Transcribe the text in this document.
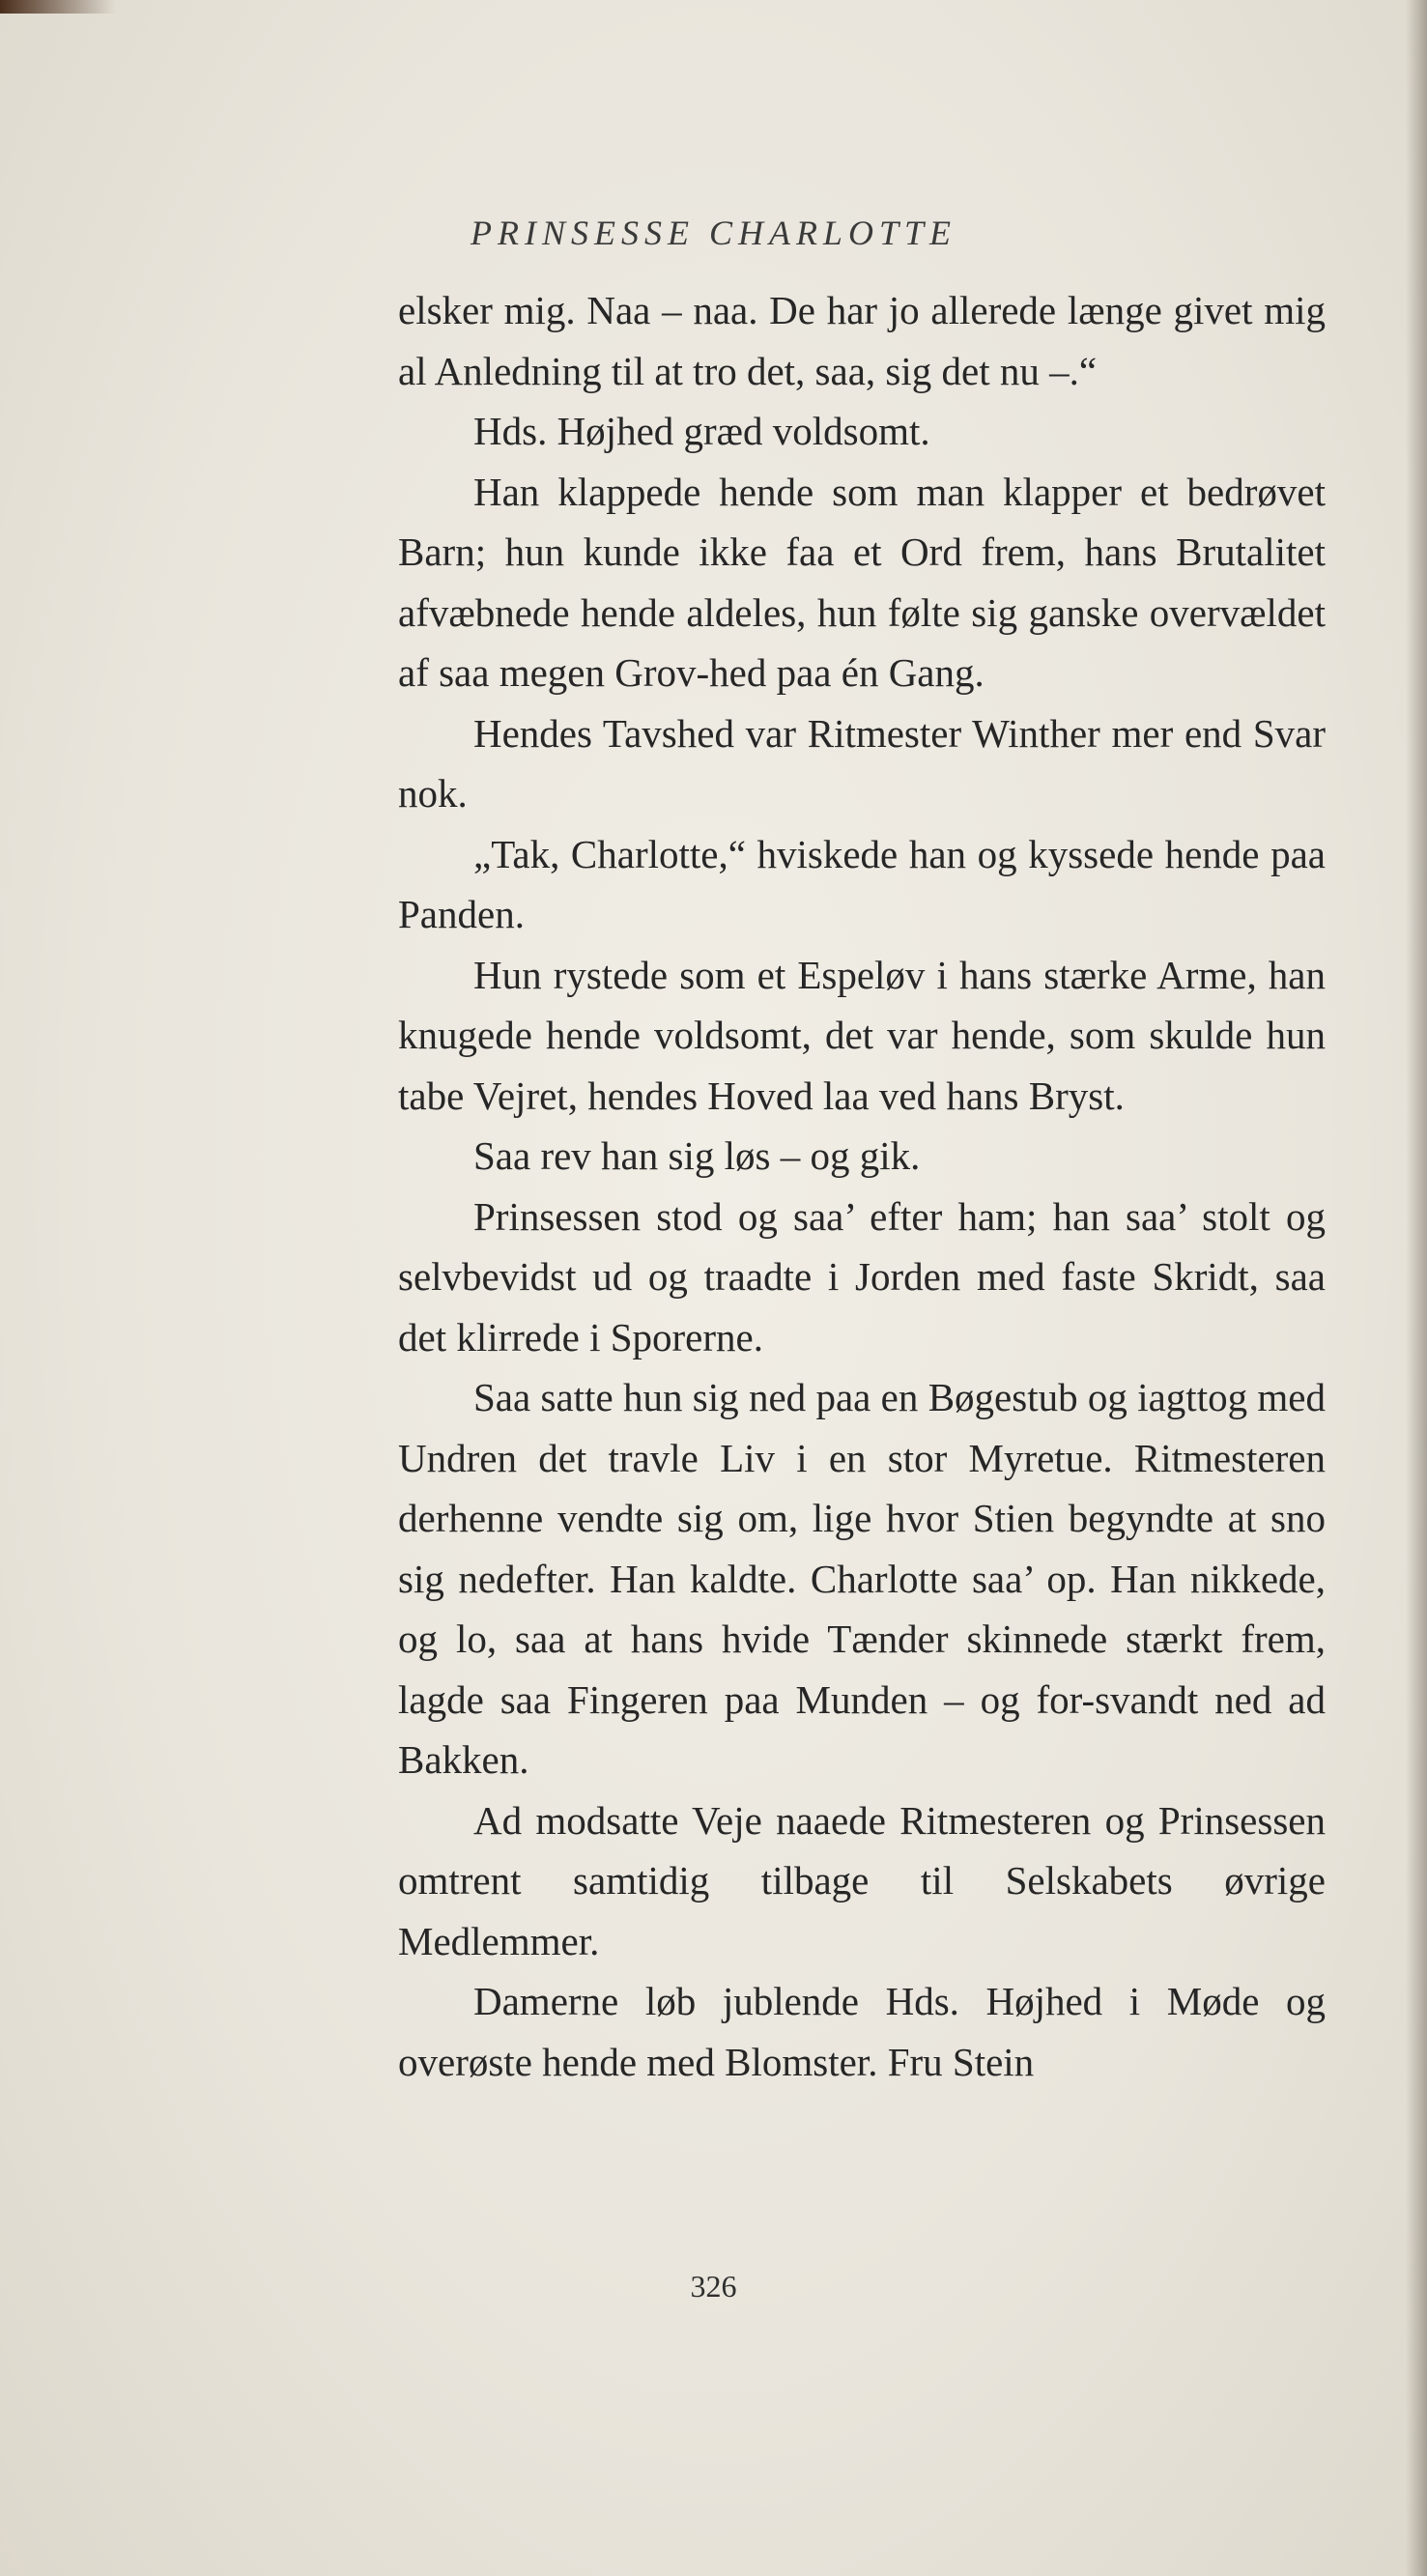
PRINSESSE CHARLOTTE

elsker mig. Naa – naa. De har jo allerede længe givet mig al Anledning til at tro det, saa, sig det nu –.“

Hds. Højhed græd voldsomt.

Han klappede hende som man klapper et bedrøvet Barn; hun kunde ikke faa et Ord frem, hans Brutalitet afvæbnede hende aldeles, hun følte sig ganske overvældet af saa megen Grov-hed paa én Gang.

Hendes Tavshed var Ritmester Winther mer end Svar nok.

„Tak, Charlotte,“ hviskede han og kyssede hende paa Panden.

Hun rystede som et Espeløv i hans stærke Arme, han knugede hende voldsomt, det var hende, som skulde hun tabe Vejret, hendes Hoved laa ved hans Bryst.

Saa rev han sig løs – og gik.

Prinsessen stod og saa’ efter ham; han saa’ stolt og selvbevidst ud og traadte i Jorden med faste Skridt, saa det klirrede i Sporerne.

Saa satte hun sig ned paa en Bøgestub og iagttog med Undren det travle Liv i en stor Myretue. Ritmesteren derhenne vendte sig om, lige hvor Stien begyndte at sno sig nedefter. Han kaldte. Charlotte saa’ op. Han nikkede, og lo, saa at hans hvide Tænder skinnede stærkt frem, lagde saa Fingeren paa Munden – og for-svandt ned ad Bakken.

Ad modsatte Veje naaede Ritmesteren og Prinsessen omtrent samtidig tilbage til Selskabets øvrige Medlemmer.

Damerne løb jublende Hds. Højhed i Møde og overøste hende med Blomster. Fru Stein

326
